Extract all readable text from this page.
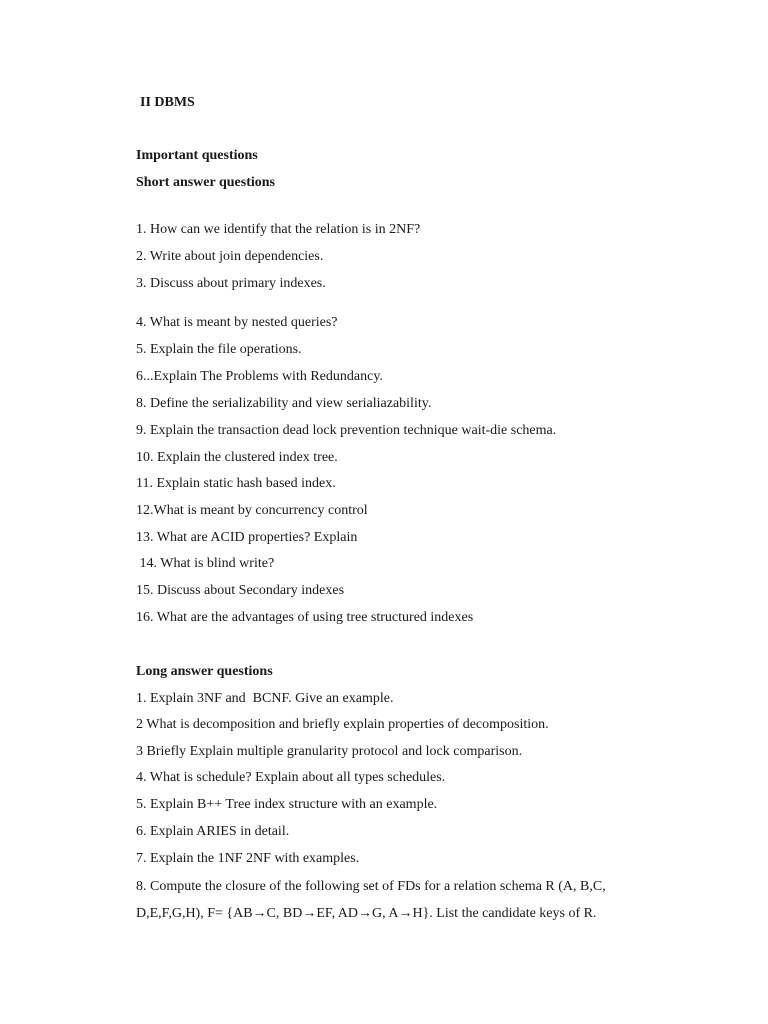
II DBMS
Important questions
Short answer questions
1. How can we identify that the relation is in 2NF?
2. Write about join dependencies.
3. Discuss about primary indexes.
4. What is meant by nested queries?
5. Explain the file operations.
6...Explain The Problems with Redundancy.
8. Define the serializability and view serialiazability.
9. Explain the transaction dead lock prevention technique wait-die schema.
10. Explain the clustered index tree.
11. Explain static hash based index.
12.What is meant by concurrency control
13. What are ACID properties? Explain
14. What is blind write?
15. Discuss about Secondary indexes
16. What are the advantages of using tree structured indexes
Long answer questions
1. Explain 3NF and  BCNF. Give an example.
2 What is decomposition and briefly explain properties of decomposition.
3 Briefly Explain multiple granularity protocol and lock comparison.
4. What is schedule? Explain about all types schedules.
5. Explain B++ Tree index structure with an example.
6. Explain ARIES in detail.
7. Explain the 1NF 2NF with examples.
8. Compute the closure of the following set of FDs for a relation schema R (A, B,C,
D,E,F,G,H), F= {AB→C, BD→EF, AD→G, A→H}. List the candidate keys of R.
